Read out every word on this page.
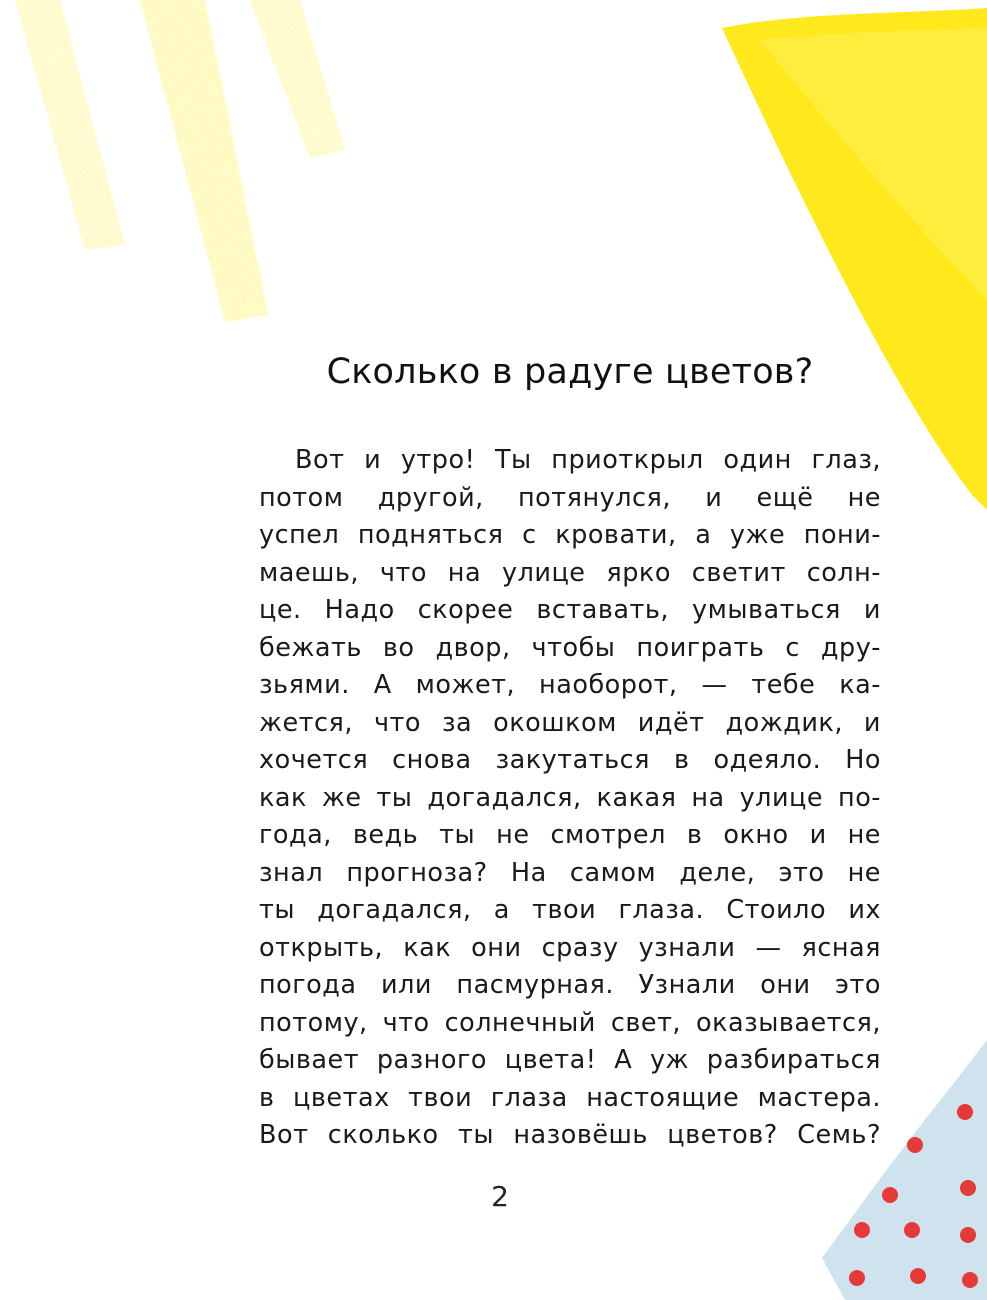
Сколько в радуге цветов?
Вот и утро! Ты приоткрыл один глаз,
потом другой, потянулся, и ещё не
успел подняться с кровати, а уже пони-
маешь, что на улице ярко светит солн-
це. Надо скорее вставать, умываться и
бежать во двор, чтобы поиграть с дру-
зьями. А может, наоборот, — тебе ка-
жется, что за окошком идёт дождик, и
хочется снова закутаться в одеяло. Но
как же ты догадался, какая на улице по-
года, ведь ты не смотрел в окно и не
знал прогноза? На самом деле, это не
ты догадался, а твои глаза. Стоило их
открыть, как они сразу узнали — ясная
погода или пасмурная. Узнали они это
потому, что солнечный свет, оказывается,
бывает разного цвета! А уж разбираться
в цветах твои глаза настоящие мастера.
Вот сколько ты назовёшь цветов? Семь?
2
